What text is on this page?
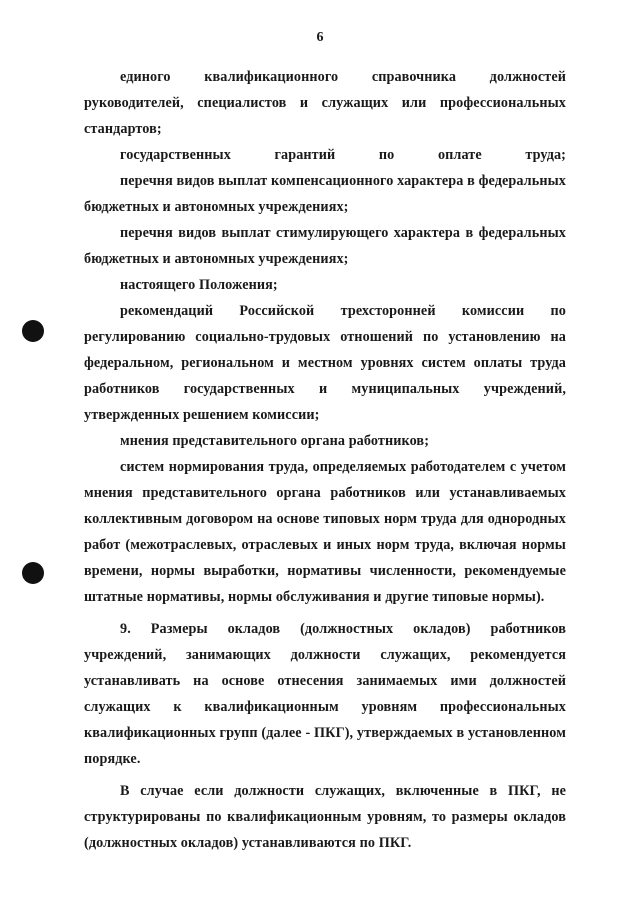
6

единого квалификационного справочника должностей руководителей, специалистов и служащих или профессиональных стандартов;

государственных гарантий по оплате труда;

перечня видов выплат компенсационного характера в федеральных бюджетных и автономных учреждениях;

перечня видов выплат стимулирующего характера в федеральных бюджетных и автономных учреждениях;

настоящего Положения;

рекомендаций Российской трехсторонней комиссии по регулированию социально-трудовых отношений по установлению на федеральном, региональном и местном уровнях систем оплаты труда работников государственных и муниципальных учреждений, утвержденных решением комиссии;

мнения представительного органа работников;

систем нормирования труда, определяемых работодателем с учетом мнения представительного органа работников или устанавливаемых коллективным договором на основе типовых норм труда для однородных работ (межотраслевых, отраслевых и иных норм труда, включая нормы времени, нормы выработки, нормативы численности, рекомендуемые штатные нормативы, нормы обслуживания и другие типовые нормы).

9. Размеры окладов (должностных окладов) работников учреждений, занимающих должности служащих, рекомендуется устанавливать на основе отнесения занимаемых ими должностей служащих к квалификационным уровням профессиональных квалификационных групп (далее - ПКГ), утверждаемых в установленном порядке.

В случае если должности служащих, включенные в ПКГ, не структурированы по квалификационным уровням, то размеры окладов (должностных окладов) устанавливаются по ПКГ.
